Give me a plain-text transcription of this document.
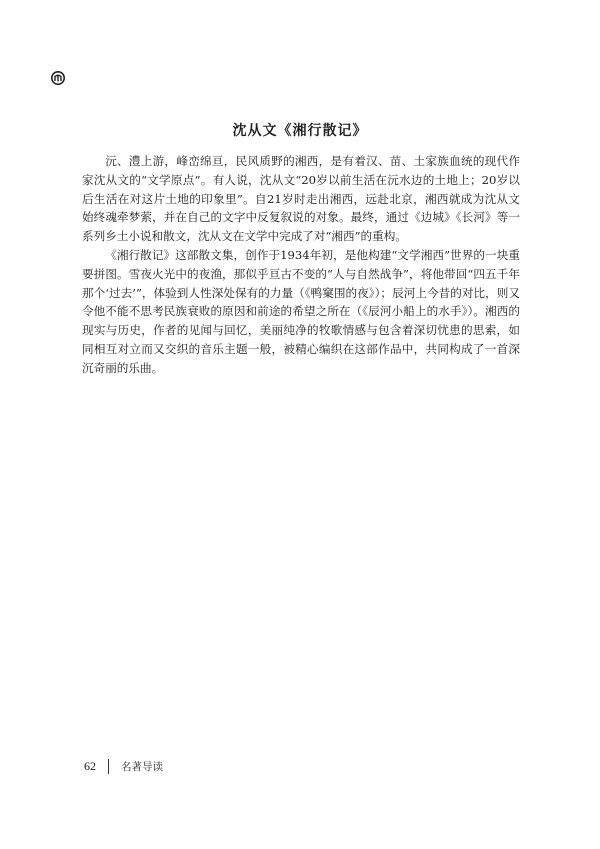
沈从文《湘行散记》

沅、澧上游，峰峦绵亘，民风质野的湘西，是有着汉、苗、土家族血统的现代作家沈从文的“文学原点”。有人说，沈从文“20岁以前生活在沅水边的土地上；20岁以后生活在对这片土地的印象里”。自21岁时走出湘西，远赴北京，湘西就成为沈从文始终魂牵梦萦，并在自己的文字中反复叙说的对象。最终，通过《边城》《长河》等一系列乡土小说和散文，沈从文在文学中完成了对“湘西”的重构。

《湘行散记》这部散文集，创作于1934年初，是他构建“文学湘西”世界的一块重要拼图。雪夜火光中的夜渔，那似乎亘古不变的“人与自然战争”，将他带回“四五千年那个‘过去’”，体验到人性深处保有的力量（《鸭窠围的夜》）；辰河上今昔的对比，则又令他不能不思考民族衰败的原因和前途的希望之所在（《辰河小船上的水手》）。湘西的现实与历史，作者的见闻与回忆，美丽纯净的牧歌情感与包含着深切忧患的思索，如同相互对立而又交织的音乐主题一般，被精心编织在这部作品中，共同构成了一首深沉奇丽的乐曲。

62 名著导读
